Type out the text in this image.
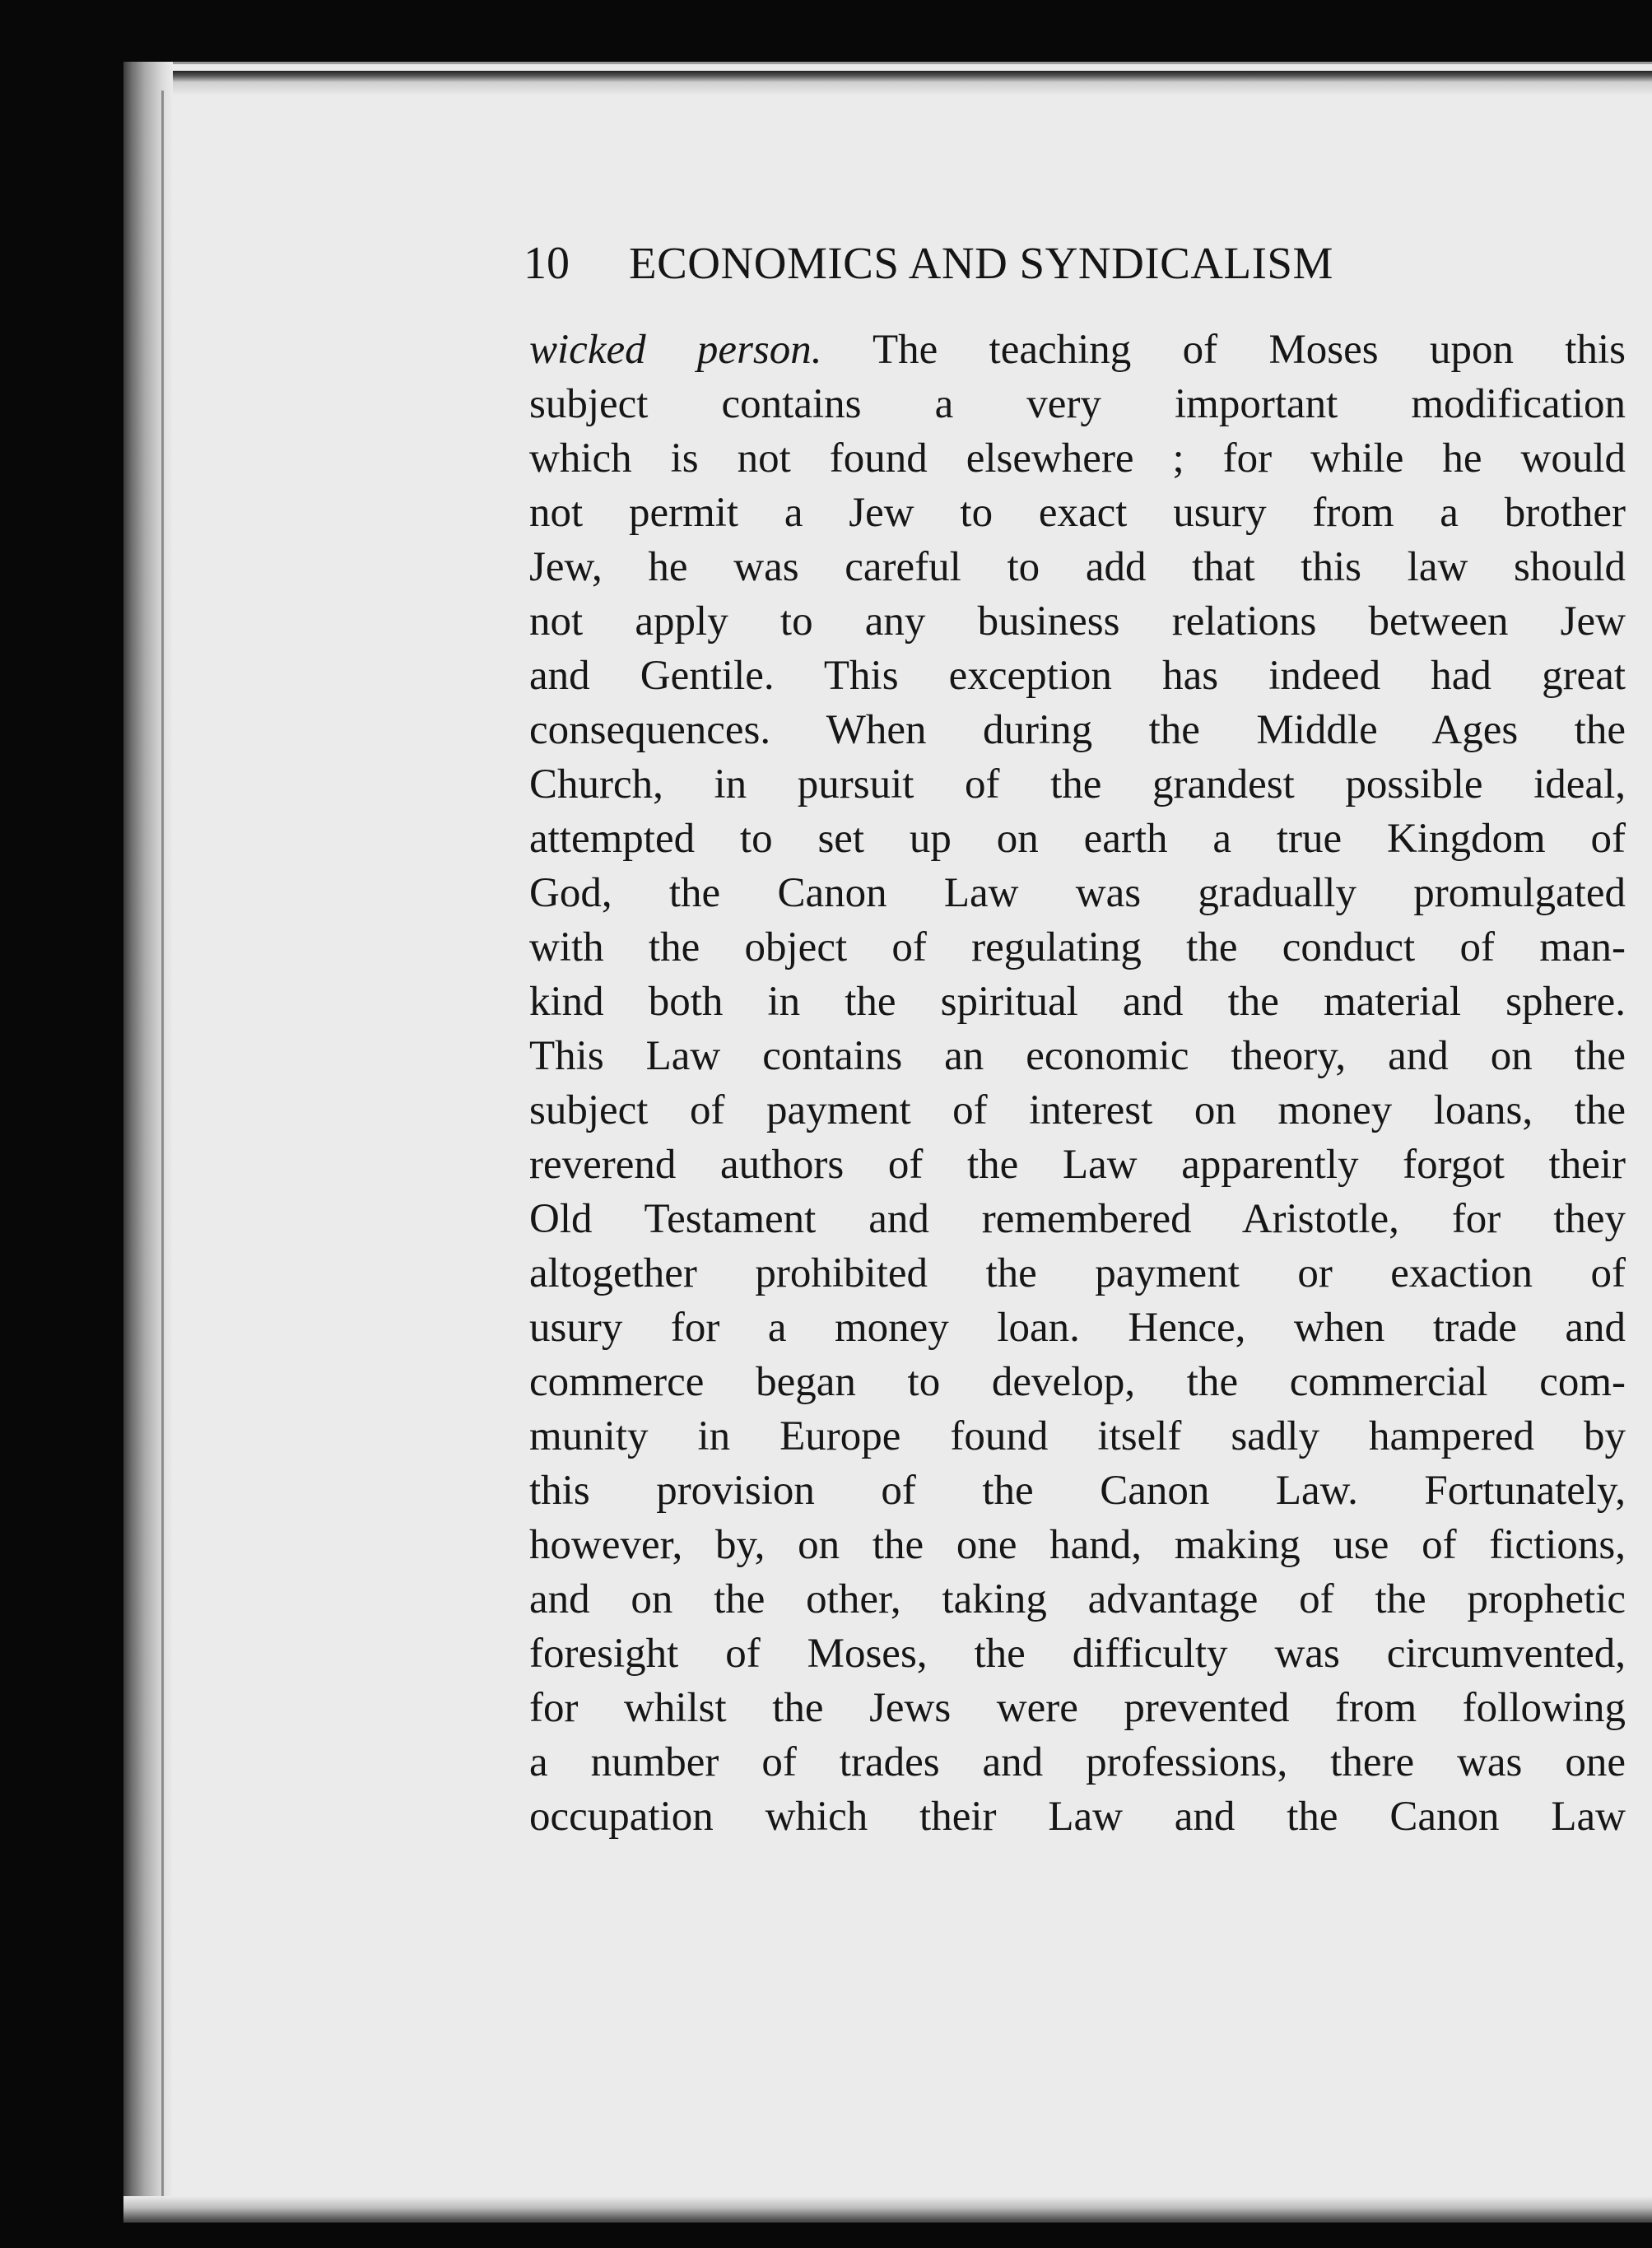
10 ECONOMICS AND SYNDICALISM
wicked person. The teaching of Moses upon this
subject contains a very important modification
which is not found elsewhere ; for while he would
not permit a Jew to exact usury from a brother
Jew, he was careful to add that this law should
not apply to any business relations between Jew
and Gentile. This exception has indeed had great
consequences. When during the Middle Ages the
Church, in pursuit of the grandest possible ideal,
attempted to set up on earth a true Kingdom of
God, the Canon Law was gradually promulgated
with the object of regulating the conduct of man-
kind both in the spiritual and the material sphere.
This Law contains an economic theory, and on the
subject of payment of interest on money loans, the
reverend authors of the Law apparently forgot their
Old Testament and remembered Aristotle, for they
altogether prohibited the payment or exaction of
usury for a money loan. Hence, when trade and
commerce began to develop, the commercial com-
munity in Europe found itself sadly hampered by
this provision of the Canon Law. Fortunately,
however, by, on the one hand, making use of fictions,
and on the other, taking advantage of the prophetic
foresight of Moses, the difficulty was circumvented,
for whilst the Jews were prevented from following
a number of trades and professions, there was one
occupation which their Law and the Canon Law
